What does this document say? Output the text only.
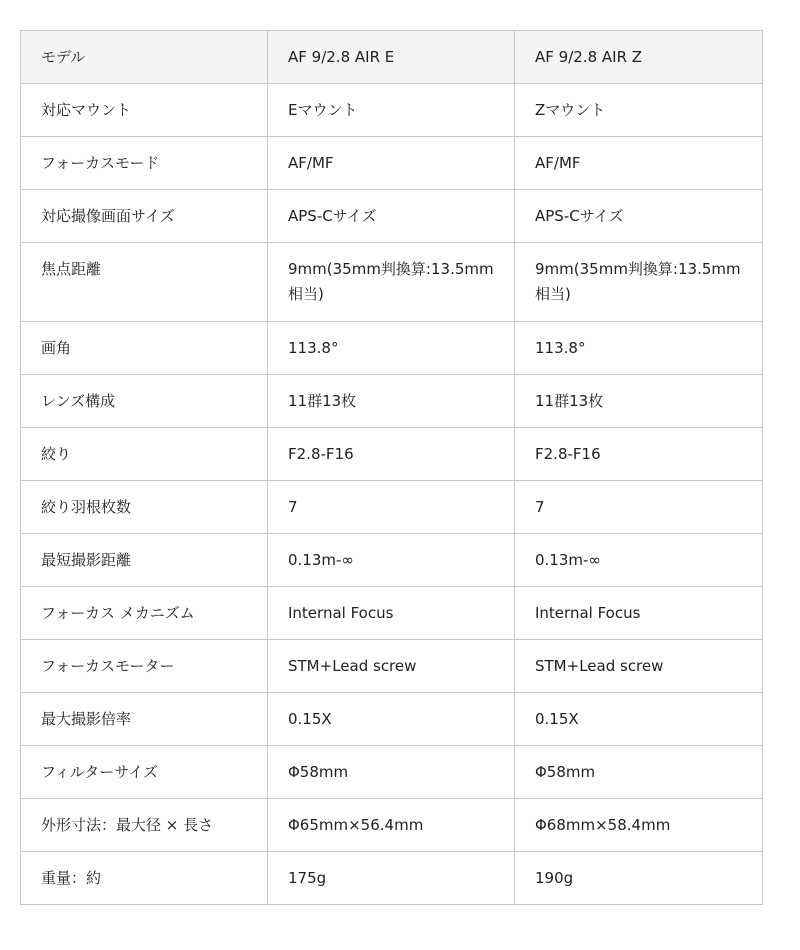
モデル	AF 9/2.8 AIR E	AF 9/2.8 AIR Z
対応マウント	Eマウント	Zマウント
フォーカスモード	AF/MF	AF/MF
対応撮像画面サイズ	APS-Cサイズ	APS-Cサイズ
焦点距離	9mm(35mm判換算:13.5mm相当)	9mm(35mm判換算:13.5mm相当)
画角	113.8°	113.8°
レンズ構成	11群13枚	11群13枚
絞り	F2.8-F16	F2.8-F16
絞り羽根枚数	7	7
最短撮影距離	0.13m-∞	0.13m-∞
フォーカス メカニズム	Internal Focus	Internal Focus
フォーカスモーター	STM+Lead screw	STM+Lead screw
最大撮影倍率	0.15X	0.15X
フィルターサイズ	Φ58mm	Φ58mm
外形寸法：最大径 × 長さ	Φ65mm×56.4mm	Φ68mm×58.4mm
重量：約	175g	190g
